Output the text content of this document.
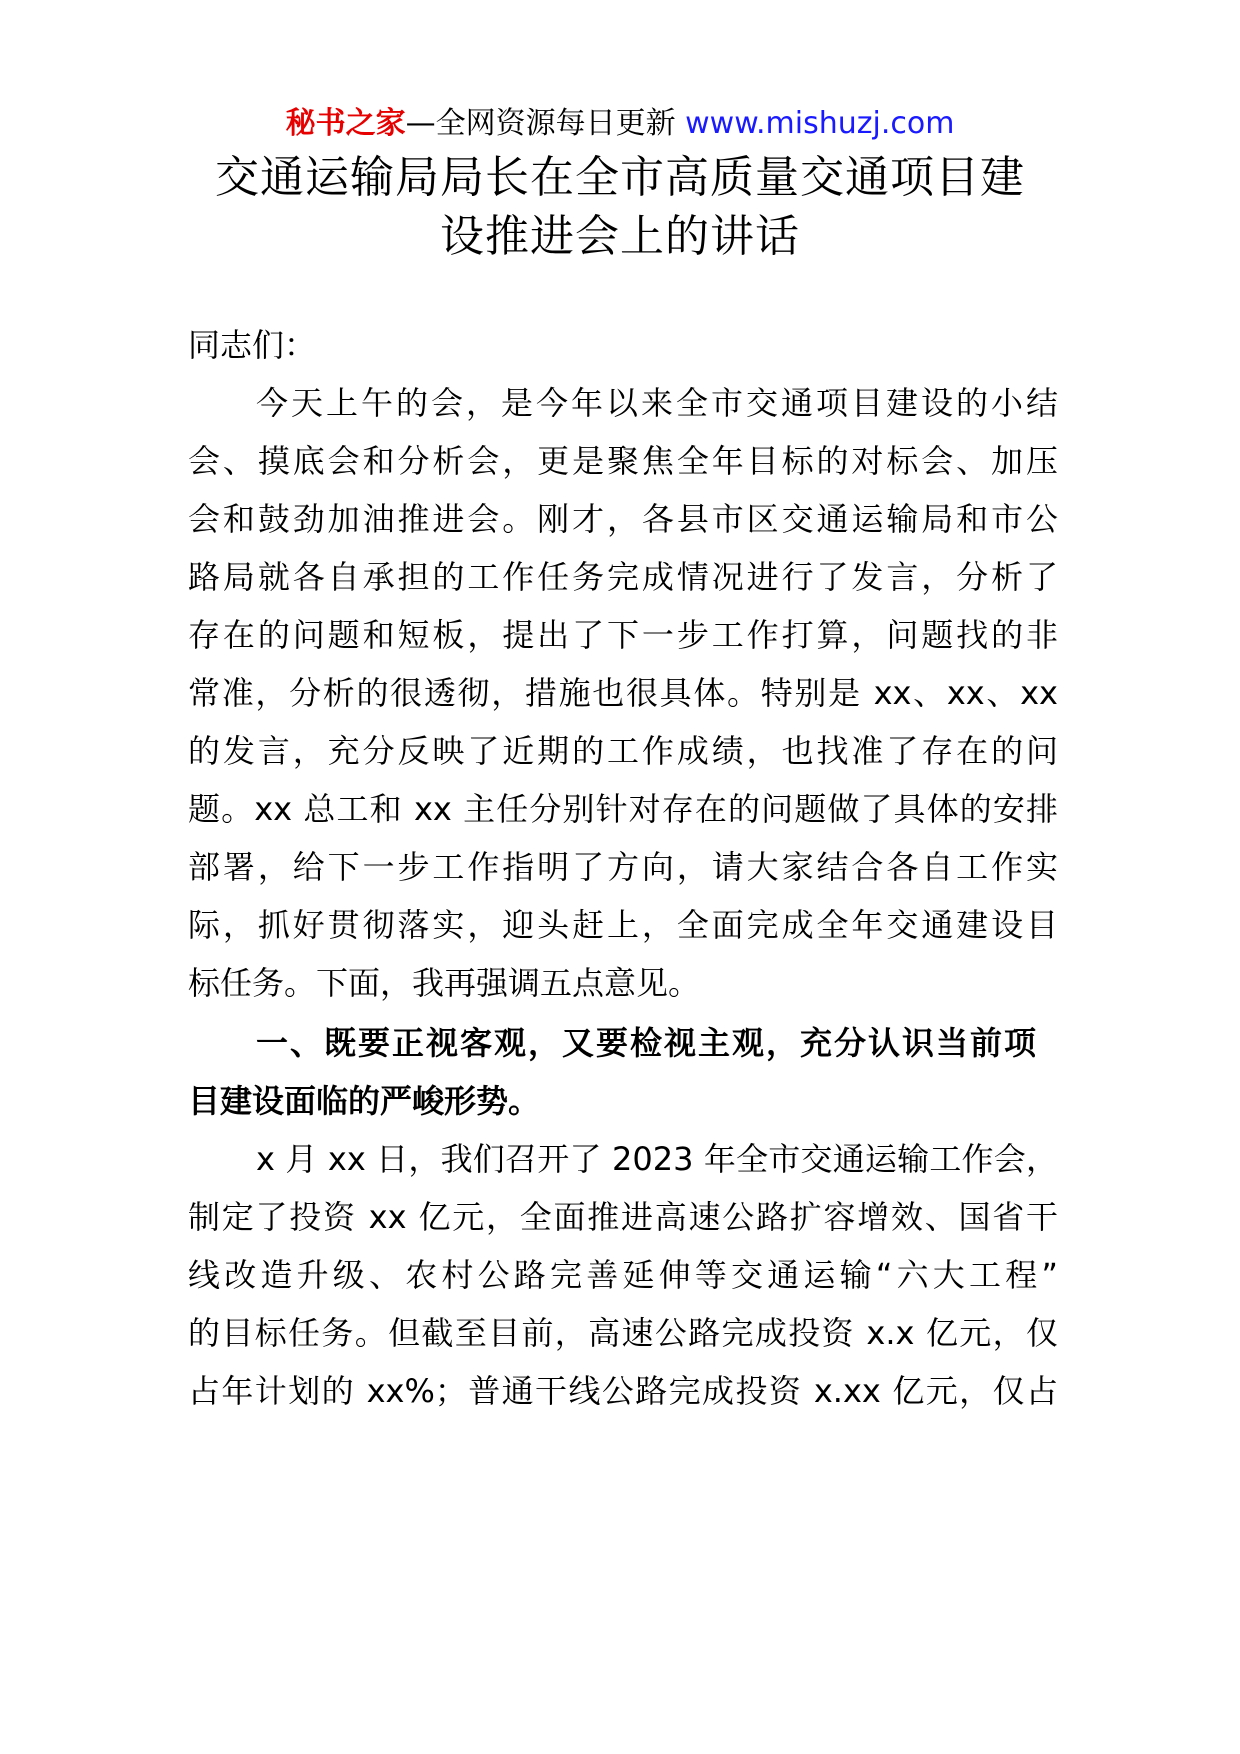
秘书之家—全网资源每日更新 www.mishuzj.com
交通运输局局长在全市高质量交通项目建
设推进会上的讲话
同志们：
今天上午的会，是今年以来全市交通项目建设的小结
会、摸底会和分析会，更是聚焦全年目标的对标会、加压
会和鼓劲加油推进会。刚才，各县市区交通运输局和市公
路局就各自承担的工作任务完成情况进行了发言，分析了
存在的问题和短板，提出了下一步工作打算，问题找的非
常准，分析的很透彻，措施也很具体。特别是 xx、xx、xx
的发言，充分反映了近期的工作成绩，也找准了存在的问
题。xx 总工和 xx 主任分别针对存在的问题做了具体的安排
部署，给下一步工作指明了方向，请大家结合各自工作实
际，抓好贯彻落实，迎头赶上，全面完成全年交通建设目
标任务。下面，我再强调五点意见。
一、既要正视客观，又要检视主观，充分认识当前项
目建设面临的严峻形势。
x 月 xx 日，我们召开了 2023 年全市交通运输工作会，
制定了投资 xx 亿元，全面推进高速公路扩容增效、国省干
线改造升级、农村公路完善延伸等交通运输“六大工程”
的目标任务。但截至目前，高速公路完成投资 x.x 亿元，仅
占年计划的 xx%；普通干线公路完成投资 x.xx 亿元，仅占
